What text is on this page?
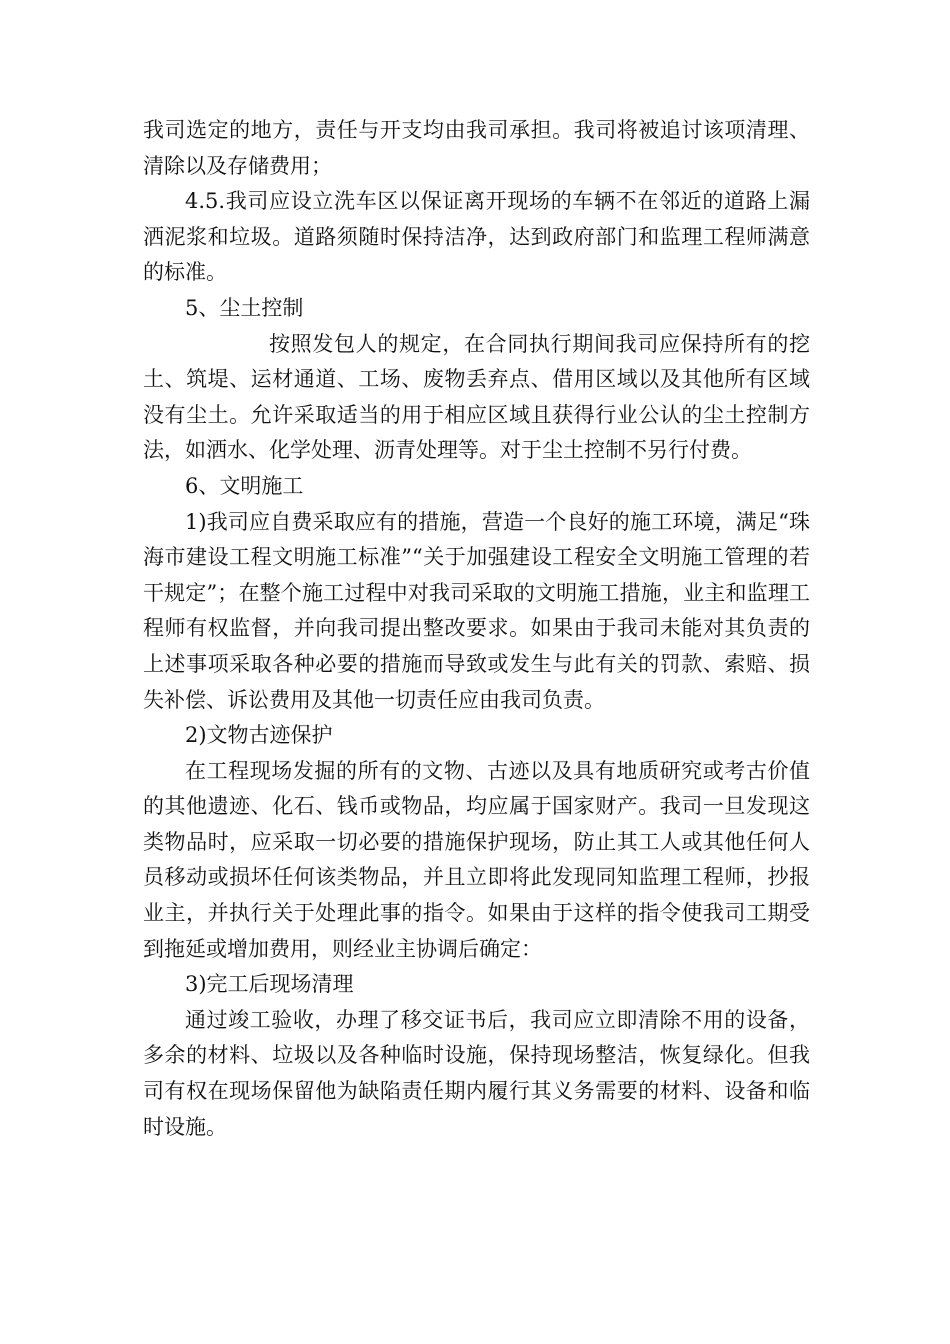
我司选定的地方，责任与开支均由我司承担。我司将被追讨该项清理、清除以及存储费用；

4.5.我司应设立洗车区以保证离开现场的车辆不在邻近的道路上漏洒泥浆和垃圾。道路须随时保持洁净，达到政府部门和监理工程师满意的标准。

5、尘土控制

按照发包人的规定，在合同执行期间我司应保持所有的挖土、筑堤、运材通道、工场、废物丢弃点、借用区域以及其他所有区域没有尘土。允许采取适当的用于相应区域且获得行业公认的尘土控制方法，如洒水、化学处理、沥青处理等。对于尘土控制不另行付费。

6、文明施工

1)我司应自费采取应有的措施，营造一个良好的施工环境，满足“珠海市建设工程文明施工标准”“关于加强建设工程安全文明施工管理的若干规定”；在整个施工过程中对我司采取的文明施工措施，业主和监理工程师有权监督，并向我司提出整改要求。如果由于我司未能对其负责的上述事项采取各种必要的措施而导致或发生与此有关的罚款、索赔、损失补偿、诉讼费用及其他一切责任应由我司负责。

2)文物古迹保护

在工程现场发掘的所有的文物、古迹以及具有地质研究或考古价值的其他遗迹、化石、钱币或物品，均应属于国家财产。我司一旦发现这类物品时，应采取一切必要的措施保护现场，防止其工人或其他任何人员移动或损坏任何该类物品，并且立即将此发现同知监理工程师，抄报业主，并执行关于处理此事的指令。如果由于这样的指令使我司工期受到拖延或增加费用，则经业主协调后确定：

3)完工后现场清理

通过竣工验收，办理了移交证书后，我司应立即清除不用的设备，多余的材料、垃圾以及各种临时设施，保持现场整洁，恢复绿化。但我司有权在现场保留他为缺陷责任期内履行其义务需要的材料、设备和临时设施。
